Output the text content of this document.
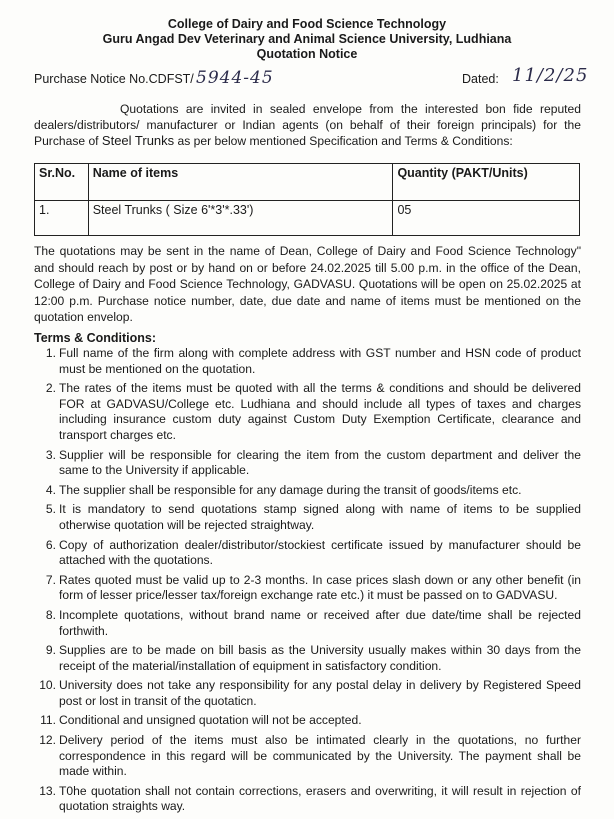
College of Dairy and Food Science Technology
Guru Angad Dev Veterinary and Animal Science University, Ludhiana
Quotation Notice
Purchase Notice No.CDFST/ 5944-45	Dated: 11/2/25
Quotations are invited in sealed envelope from the interested bon fide reputed dealers/distributors/ manufacturer or Indian agents (on behalf of their foreign principals) for the Purchase of Steel Trunks as per below mentioned Specification and Terms & Conditions:
Sr.No.	Name of items	Quantity (PAKT/Units)
1.	Steel Trunks ( Size 6'*3'*.33')	05
The quotations may be sent in the name of Dean, College of Dairy and Food Science Technology" and should reach by post or by hand on or before 24.02.2025 till 5.00 p.m. in the office of the Dean, College of Dairy and Food Science Technology, GADVASU. Quotations will be open on 25.02.2025 at 12:00 p.m. Purchase notice number, date, due date and name of items must be mentioned on the quotation envelop.
Terms & Conditions:
1. Full name of the firm along with complete address with GST number and HSN code of product must be mentioned on the quotation.
2. The rates of the items must be quoted with all the terms & conditions and should be delivered FOR at GADVASU/College etc. Ludhiana and should include all types of taxes and charges including insurance custom duty against Custom Duty Exemption Certificate, clearance and transport charges etc.
3. Supplier will be responsible for clearing the item from the custom department and deliver the same to the University if applicable.
4. The supplier shall be responsible for any damage during the transit of goods/items etc.
5. It is mandatory to send quotations stamp signed along with name of items to be supplied otherwise quotation will be rejected straightway.
6. Copy of authorization dealer/distributor/stockiest certificate issued by manufacturer should be attached with the quotations.
7. Rates quoted must be valid up to 2-3 months. In case prices slash down or any other benefit (in form of lesser price/lesser tax/foreign exchange rate etc.) it must be passed on to GADVASU.
8. Incomplete quotations, without brand name or received after due date/time shall be rejected forthwith.
9. Supplies are to be made on bill basis as the University usually makes within 30 days from the receipt of the material/installation of equipment in satisfactory condition.
10. University does not take any responsibility for any postal delay in delivery by Registered Speed post or lost in transit of the quotaticn.
11. Conditional and unsigned quotation will not be accepted.
12. Delivery period of the items must also be intimated clearly in the quotations, no further correspondence in this regard will be communicated by the University. The payment shall be made within.
13. T0he quotation shall not contain corrections, erasers and overwriting, it will result in rejection of quotation straights way.
